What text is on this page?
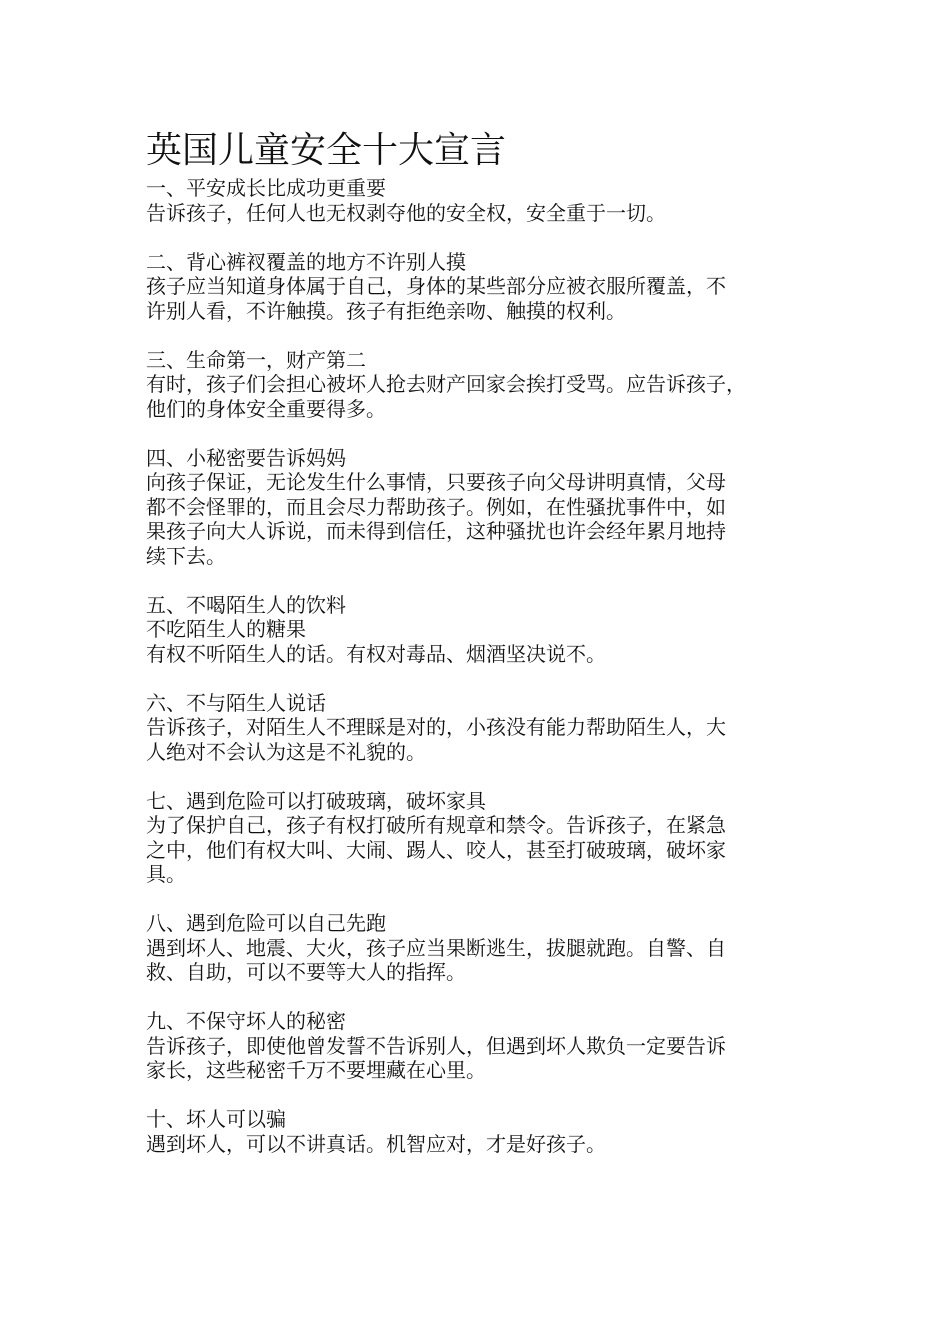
英国儿童安全十大宣言

一、平安成长比成功更重要

告诉孩子，任何人也无权剥夺他的安全权，安全重于一切。

二、背心裤衩覆盖的地方不许别人摸

孩子应当知道身体属于自己，身体的某些部分应被衣服所覆盖，不

许别人看，不许触摸。孩子有拒绝亲吻、触摸的权利。

三、生命第一，财产第二

有时，孩子们会担心被坏人抢去财产回家会挨打受骂。应告诉孩子，

他们的身体安全重要得多。

四、小秘密要告诉妈妈

向孩子保证，无论发生什么事情，只要孩子向父母讲明真情，父母

都不会怪罪的，而且会尽力帮助孩子。例如，在性骚扰事件中，如

果孩子向大人诉说，而未得到信任，这种骚扰也许会经年累月地持

续下去。

五、不喝陌生人的饮料

不吃陌生人的糖果

有权不听陌生人的话。有权对毒品、烟酒坚决说不。

六、不与陌生人说话

告诉孩子，对陌生人不理睬是对的，小孩没有能力帮助陌生人，大

人绝对不会认为这是不礼貌的。

七、遇到危险可以打破玻璃，破坏家具

为了保护自己，孩子有权打破所有规章和禁令。告诉孩子，在紧急

之中，他们有权大叫、大闹、踢人、咬人，甚至打破玻璃，破坏家

具。

八、遇到危险可以自己先跑

遇到坏人、地震、大火，孩子应当果断逃生，拔腿就跑。自警、自

救、自助，可以不要等大人的指挥。

九、不保守坏人的秘密

告诉孩子，即使他曾发誓不告诉别人，但遇到坏人欺负一定要告诉

家长，这些秘密千万不要埋藏在心里。

十、坏人可以骗

遇到坏人，可以不讲真话。机智应对，才是好孩子。
